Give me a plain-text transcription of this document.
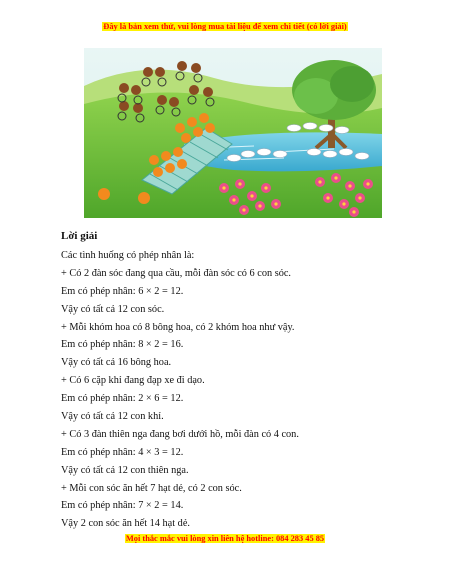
Đây là bản xem thử, vui lòng mua tài liệu để xem chi tiết (có lời giải)
Lời giải
Các tình huống có phép nhân là:
+ Có 2 đàn sóc đang qua cầu, mỗi đàn sóc có 6 con sóc.
Em có phép nhân: 6 × 2 = 12.
Vậy có tất cả 12 con sóc.
+ Mỗi khóm hoa có 8 bông hoa, có 2 khóm hoa như vậy.
Em có phép nhân: 8 × 2 = 16.
Vậy có tất cả 16 bông hoa.
+ Có 6 cặp khỉ đang đạp xe đi dạo.
Em có phép nhân: 2 × 6 = 12.
Vậy có tất cả 12 con khỉ.
+ Có 3 đàn thiên nga đang bơi dưới hồ, mỗi đàn có 4 con.
Em có phép nhân: 4 × 3 = 12.
Vậy có tất cả 12 con thiên nga.
+ Mỗi con sóc ăn hết 7 hạt dẻ, có 2 con sóc.
Em có phép nhân: 7 × 2 = 14.
Vậy 2 con sóc ăn hết 14 hạt dẻ.
Mọi thắc mắc vui lòng xin liên hệ hotline: 084 283 45 85
